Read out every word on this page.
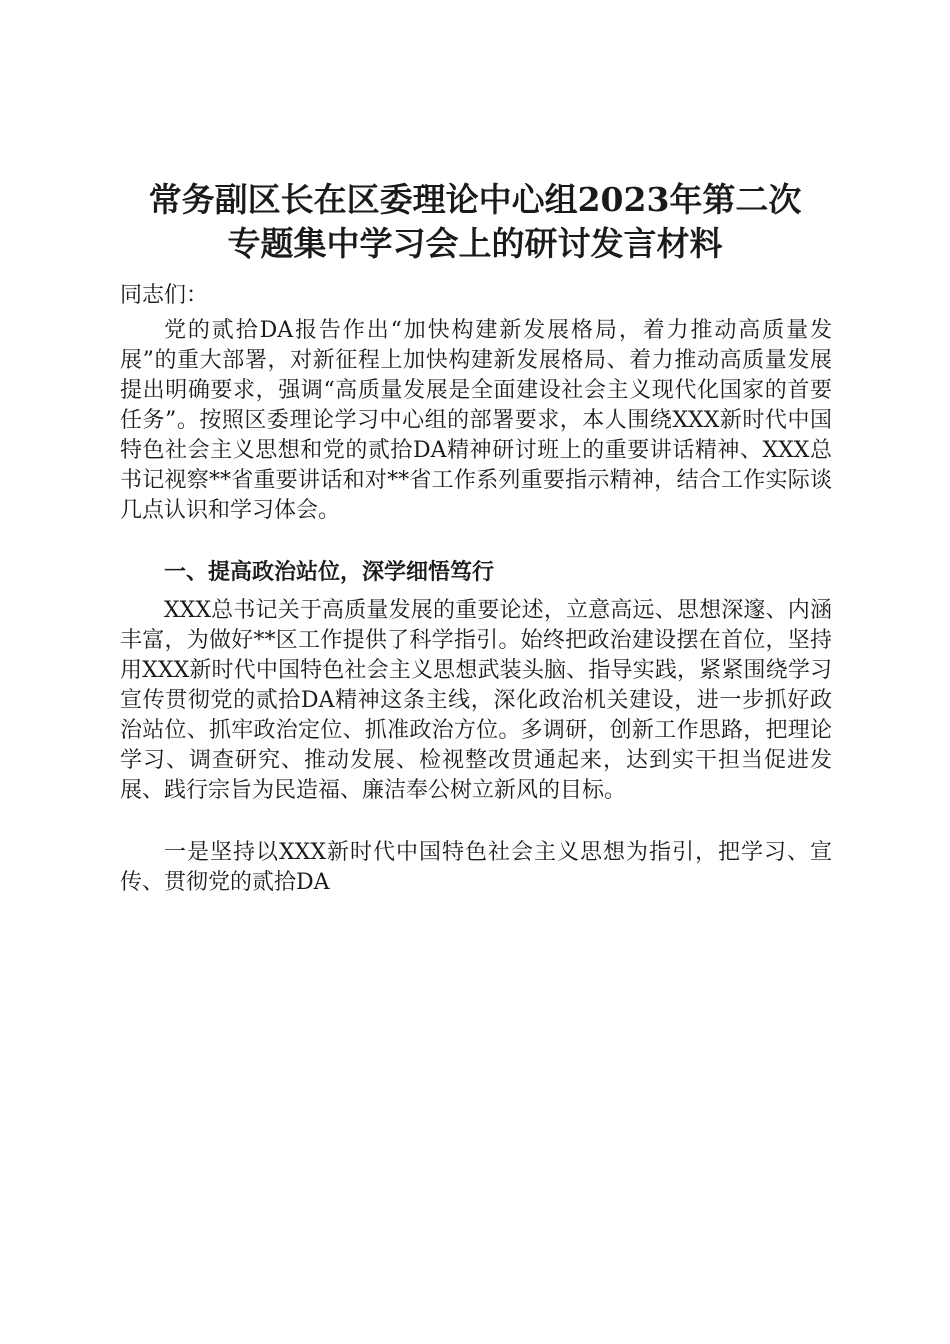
常务副区长在区委理论中心组2023年第二次
专题集中学习会上的研讨发言材料

同志们：

党的贰拾DA报告作出“加快构建新发展格局，着力推动高质量发展”的重大部署，对新征程上加快构建新发展格局、着力推动高质量发展提出明确要求，强调“高质量发展是全面建设社会主义现代化国家的首要任务”。按照区委理论学习中心组的部署要求，本人围绕XXX新时代中国特色社会主义思想和党的贰拾DA精神研讨班上的重要讲话精神、XXX总书记视察**省重要讲话和对**省工作系列重要指示精神，结合工作实际谈几点认识和学习体会。

一、提高政治站位，深学细悟笃行

XXX总书记关于高质量发展的重要论述，立意高远、思想深邃、内涵丰富，为做好**区工作提供了科学指引。始终把政治建设摆在首位，坚持用XXX新时代中国特色社会主义思想武装头脑、指导实践，紧紧围绕学习宣传贯彻党的贰拾DA精神这条主线，深化政治机关建设，进一步抓好政治站位、抓牢政治定位、抓准政治方位。多调研，创新工作思路，把理论学习、调查研究、推动发展、检视整改贯通起来，达到实干担当促进发展、践行宗旨为民造福、廉洁奉公树立新风的目标。

一是坚持以XXX新时代中国特色社会主义思想为指引，把学习、宣传、贯彻党的贰拾DA
